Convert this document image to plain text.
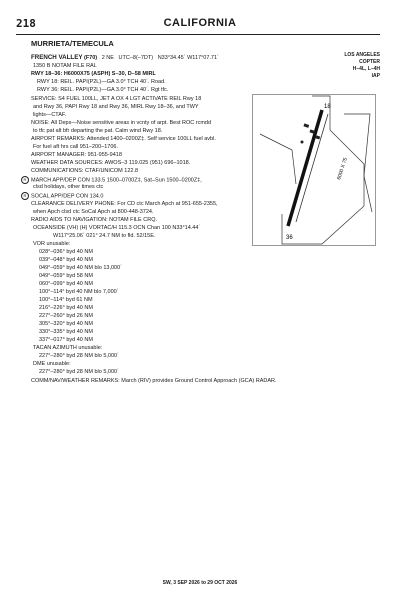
218	CALIFORNIA
MURRIETA/TEMECULA
LOS ANGELES
COPTER
H–4L, L–4H
IAP
FRENCH VALLEY (F70) 2 NE UTC–8(–7DT) N33°34.45´ W117°07.71´
1350 B NOTAM FILE RAL
RWY 18–36: H6000X75 (ASPH) S–30, D–58 MIRL
RWY 18: REIL. PAPI(P2L)—GA 3.0° TCH 40´. Road.
RWY 36: REIL. PAPI(P2L)—GA 3.0° TCH 40´. Rgt tfc.
SERVICE: S4 FUEL 100LL, JET A OX 4 LGT ACTIVATE REIL Rwy 18
and Rwy 36, PAPI Rwy 18 and Rwy 36, MIRL Rwy 18–36, and TWY
lights—CTAF.
NOISE: All Deps—Noise sensitive areas in vcnty of arpt. Best ROC rcmdd
to tfc pat alt bfr departing the pat. Calm wind Rwy 18.
AIRPORT REMARKS: Attended 1400–0200Z‡. Self service 100LL fuel avbl.
For fuel aft hrs call 951–200–1706.
AIRPORT MANAGER: 951-955-9418
WEATHER DATA SOURCES: AWOS–3 119.025 (951) 696–1018.
COMMUNICATIONS: CTAF/UNICOM 122.8
R MARCH APP/DEP CON 133.5 1500–0700Z‡, Sat–Sun 1500–0200Z‡,
clsd holidays, other times ctc
R SOCAL APP/DEP CON 134.0
CLEARANCE DELIVERY PHONE: For CD ctc March Apch at 951-655-2355,
when Apch clsd ctc SoCal Apch at 800-448-3724.
RADIO AIDS TO NAVIGATION: NOTAM FILE CRQ.
OCEANSIDE (VH) (H) VORTAC/H 115.3 OCN Chan 100 N33°14.44´
W117°25.06´ 021° 24.7 NM to fld. 52/15E.
VOR unusable:
028°–036° byd 40 NM
039°–048° byd 40 NM
049°–059° byd 40 NM blo 13,000´
049°–059° byd 58 NM
060°–099° byd 40 NM
100°–114° byd 40 NM blo 7,000´
100°–114° byd 61 NM
216°–226° byd 40 NM
227°–260° byd 26 NM
305°–320° byd 40 NM
330°–335° byd 40 NM
337°–017° byd 40 NM
TACAN AZIMUTH unusable:
227°–280° byd 28 NM blo 5,000´
DME unusable:
227°–280° byd 28 NM blo 5,000´
COMM/NAV/WEATHER REMARKS: March (RIV) provides Ground Control Approach (GCA) RADAR.
18
36
6000 X 75
SW, 3 SEP 2026 to 29 OCT 2026
